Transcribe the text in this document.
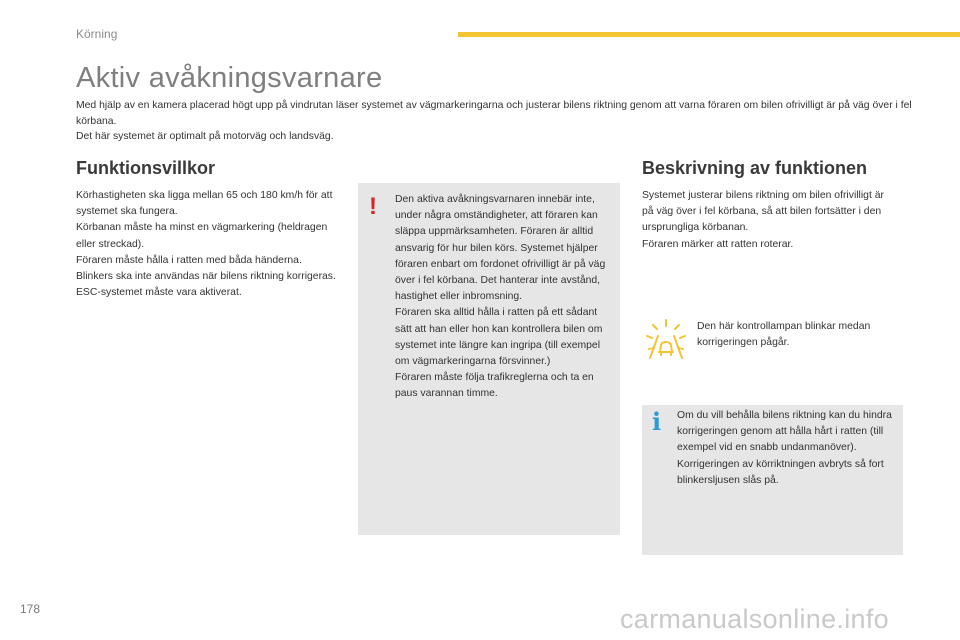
Körning
Aktiv avåkningsvarnare

Med hjälp av en kamera placerad högt upp på vindrutan läser systemet av vägmarkeringarna och justerar bilens riktning genom att varna föraren om bilen ofrivilligt är på väg över i fel körbana.

Det här systemet är optimalt på motorväg och landsväg.

Funktionsvillkor

Körhastigheten ska ligga mellan 65 och 180 km/h för att systemet ska fungera.

Körbanan måste ha minst en vägmarkering (heldragen eller streckad).

Föraren måste hålla i ratten med båda händerna.

Blinkers ska inte användas när bilens riktning korrigeras.

ESC-systemet måste vara aktiverat.

! Den aktiva avåkningsvarnaren innebär inte, under några omständigheter, att föraren kan släppa uppmärksamheten. Föraren är alltid ansvarig för hur bilen körs. Systemet hjälper föraren enbart om fordonet ofrivilligt är på väg över i fel körbana. Det hanterar inte avstånd, hastighet eller inbromsning.

Föraren ska alltid hålla i ratten på ett sådant sätt att han eller hon kan kontrollera bilen om systemet inte längre kan ingripa (till exempel om vägmarkeringarna försvinner.)

Föraren måste följa trafikreglerna och ta en paus varannan timme.

Beskrivning av funktionen

Systemet justerar bilens riktning om bilen ofrivilligt är på väg över i fel körbana, så att bilen fortsätter i den ursprungliga körbanan.

Föraren märker att ratten roterar.

Den här kontrollampan blinkar medan korrigeringen pågår.
i Om du vill behålla bilens riktning kan du hindra korrigeringen genom att hålla hårt i ratten (till exempel vid en snabb undanmanöver).

Korrigeringen av körriktningen avbryts så fort blinkersljusen slås på.

178	carmanualsonline.info
